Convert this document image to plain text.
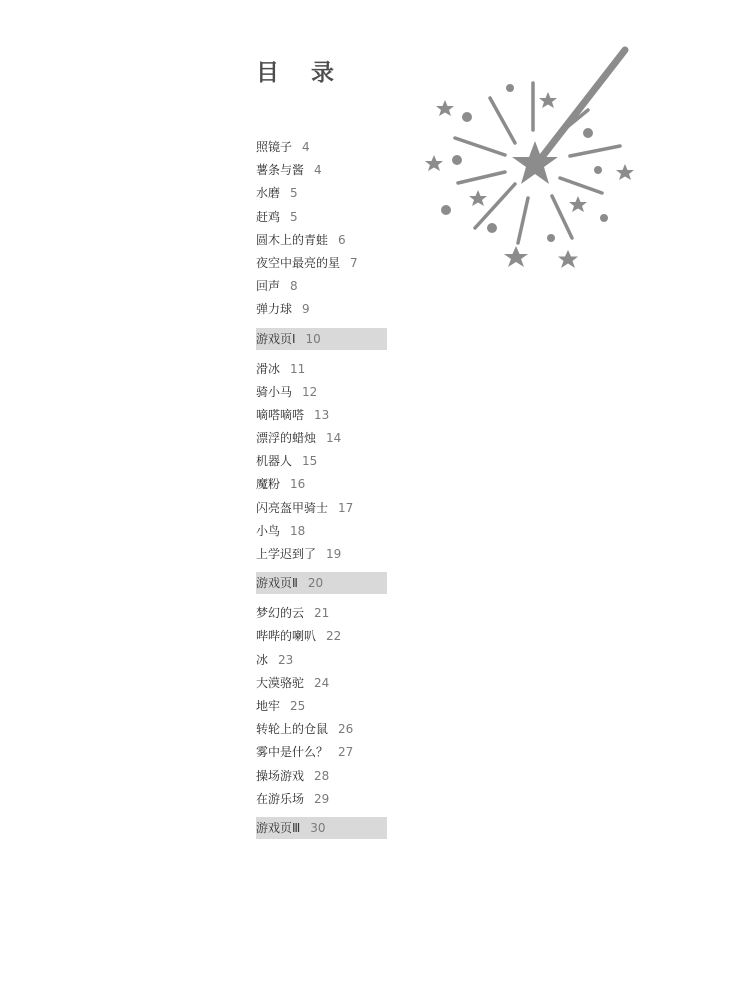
目 录
照镜子 4
薯条与酱 4
水磨 5
赶鸡 5
圆木上的青蛙 6
夜空中最亮的星 7
回声 8
弹力球 9
游戏页Ⅰ 10
滑冰 11
骑小马 12
嘀嗒嘀嗒 13
漂浮的蜡烛 14
机器人 15
魔粉 16
闪亮盔甲骑士 17
小鸟 18
上学迟到了 19
游戏页Ⅱ 20
梦幻的云 21
哔哔的喇叭 22
冰 23
大漠骆驼 24
地牢 25
转轮上的仓鼠 26
雾中是什么？ 27
操场游戏 28
在游乐场 29
游戏页Ⅲ 30
